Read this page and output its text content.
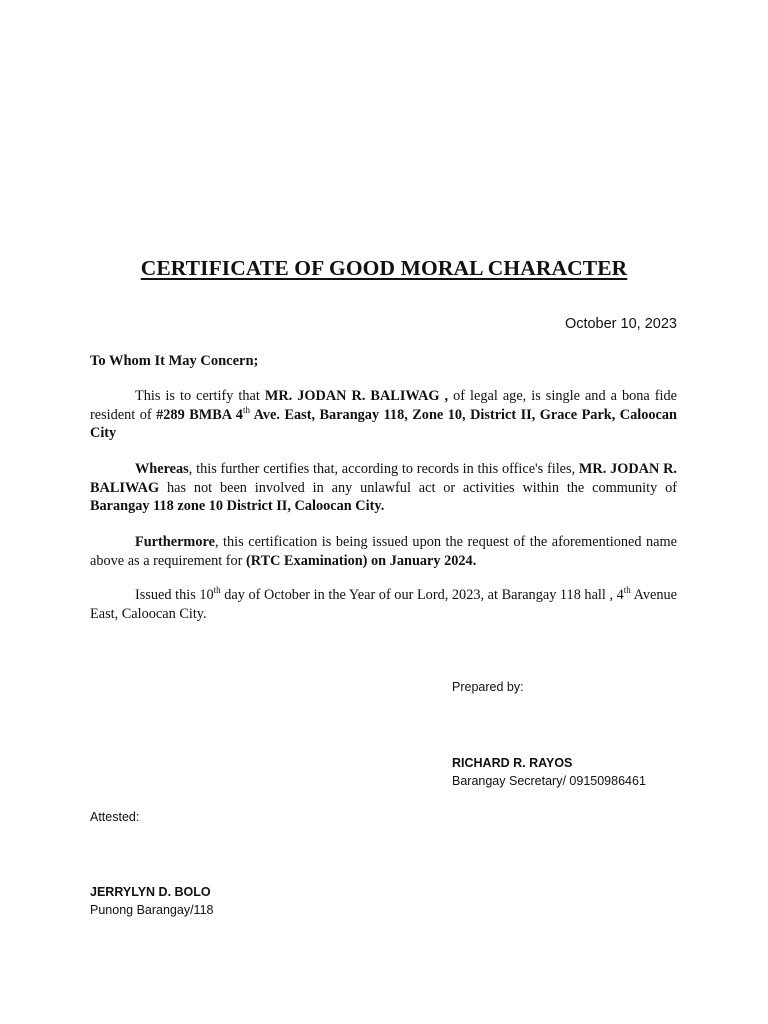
CERTIFICATE OF GOOD MORAL CHARACTER
October 10, 2023
To Whom It May Concern;

This is to certify that MR. JODAN R. BALIWAG , of legal age, is single and a bona fide resident of #289 BMBA 4th Ave. East, Barangay 118, Zone 10, District II, Grace Park, Caloocan City

Whereas, this further certifies that, according to records in this office's files, MR. JODAN R. BALIWAG has not been involved in any unlawful act or activities within the community of Barangay 118 zone 10 District II, Caloocan City.

Furthermore, this certification is being issued upon the request of the aforementioned name above as a requirement for (RTC Examination) on January 2024.

Issued this 10th day of October in the Year of our Lord, 2023, at Barangay 118 hall , 4th Avenue East, Caloocan City.

Prepared by:
RICHARD R. RAYOS
Barangay Secretary/ 09150986461
Attested:
JERRYLYN D. BOLO
Punong Barangay/118
